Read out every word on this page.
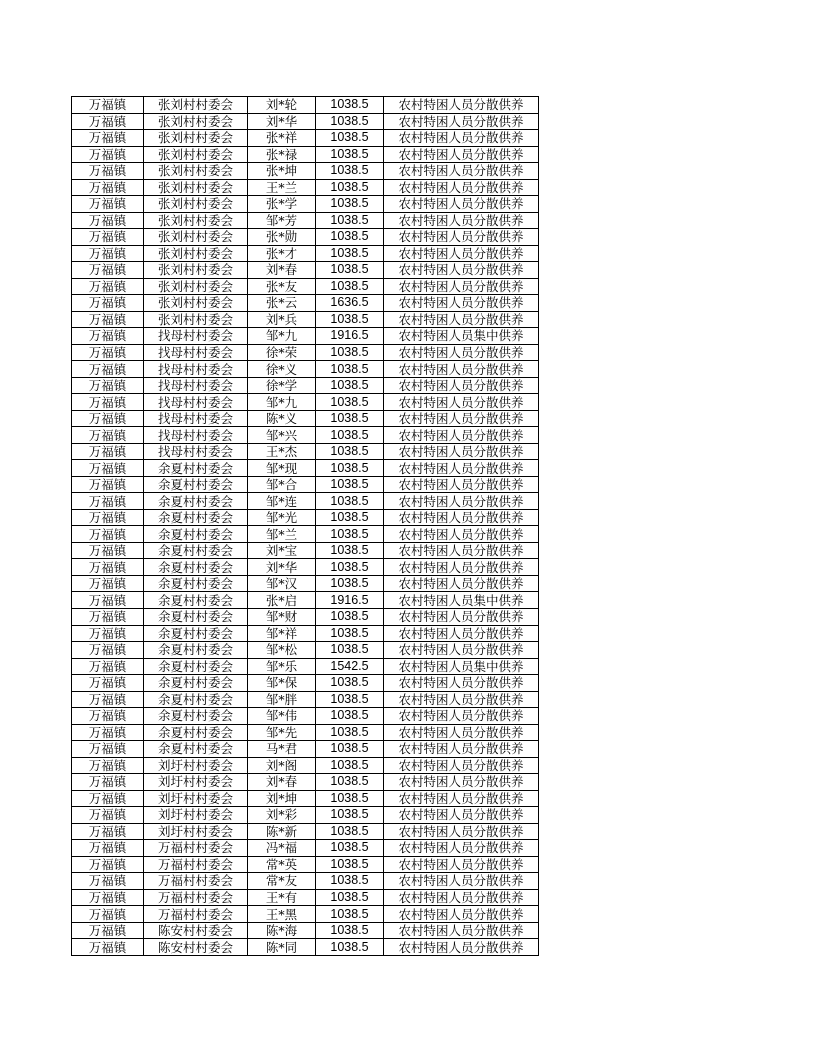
万福镇	张刘村村委会	刘*轮	1038.5	农村特困人员分散供养
万福镇	张刘村村委会	刘*华	1038.5	农村特困人员分散供养
万福镇	张刘村村委会	张*祥	1038.5	农村特困人员分散供养
万福镇	张刘村村委会	张*禄	1038.5	农村特困人员分散供养
万福镇	张刘村村委会	张*坤	1038.5	农村特困人员分散供养
万福镇	张刘村村委会	王*兰	1038.5	农村特困人员分散供养
万福镇	张刘村村委会	张*学	1038.5	农村特困人员分散供养
万福镇	张刘村村委会	邹*芳	1038.5	农村特困人员分散供养
万福镇	张刘村村委会	张*勋	1038.5	农村特困人员分散供养
万福镇	张刘村村委会	张*才	1038.5	农村特困人员分散供养
万福镇	张刘村村委会	刘*春	1038.5	农村特困人员分散供养
万福镇	张刘村村委会	张*友	1038.5	农村特困人员分散供养
万福镇	张刘村村委会	张*云	1636.5	农村特困人员分散供养
万福镇	张刘村村委会	刘*兵	1038.5	农村特困人员分散供养
万福镇	找母村村委会	邹*九	1916.5	农村特困人员集中供养
万福镇	找母村村委会	徐*荣	1038.5	农村特困人员分散供养
万福镇	找母村村委会	徐*义	1038.5	农村特困人员分散供养
万福镇	找母村村委会	徐*学	1038.5	农村特困人员分散供养
万福镇	找母村村委会	邹*九	1038.5	农村特困人员分散供养
万福镇	找母村村委会	陈*义	1038.5	农村特困人员分散供养
万福镇	找母村村委会	邹*兴	1038.5	农村特困人员分散供养
万福镇	找母村村委会	王*杰	1038.5	农村特困人员分散供养
万福镇	余夏村村委会	邹*现	1038.5	农村特困人员分散供养
万福镇	余夏村村委会	邹*合	1038.5	农村特困人员分散供养
万福镇	余夏村村委会	邹*连	1038.5	农村特困人员分散供养
万福镇	余夏村村委会	邹*光	1038.5	农村特困人员分散供养
万福镇	余夏村村委会	邹*兰	1038.5	农村特困人员分散供养
万福镇	余夏村村委会	刘*宝	1038.5	农村特困人员分散供养
万福镇	余夏村村委会	刘*华	1038.5	农村特困人员分散供养
万福镇	余夏村村委会	邹*汉	1038.5	农村特困人员分散供养
万福镇	余夏村村委会	张*启	1916.5	农村特困人员集中供养
万福镇	余夏村村委会	邹*财	1038.5	农村特困人员分散供养
万福镇	余夏村村委会	邹*祥	1038.5	农村特困人员分散供养
万福镇	余夏村村委会	邹*松	1038.5	农村特困人员分散供养
万福镇	余夏村村委会	邹*乐	1542.5	农村特困人员集中供养
万福镇	余夏村村委会	邹*保	1038.5	农村特困人员分散供养
万福镇	余夏村村委会	邹*胖	1038.5	农村特困人员分散供养
万福镇	余夏村村委会	邹*伟	1038.5	农村特困人员分散供养
万福镇	余夏村村委会	邹*先	1038.5	农村特困人员分散供养
万福镇	余夏村村委会	马*君	1038.5	农村特困人员分散供养
万福镇	刘圩村村委会	刘*阁	1038.5	农村特困人员分散供养
万福镇	刘圩村村委会	刘*春	1038.5	农村特困人员分散供养
万福镇	刘圩村村委会	刘*坤	1038.5	农村特困人员分散供养
万福镇	刘圩村村委会	刘*彩	1038.5	农村特困人员分散供养
万福镇	刘圩村村委会	陈*新	1038.5	农村特困人员分散供养
万福镇	万福村村委会	冯*福	1038.5	农村特困人员分散供养
万福镇	万福村村委会	常*英	1038.5	农村特困人员分散供养
万福镇	万福村村委会	常*友	1038.5	农村特困人员分散供养
万福镇	万福村村委会	王*有	1038.5	农村特困人员分散供养
万福镇	万福村村委会	王*黑	1038.5	农村特困人员分散供养
万福镇	陈安村村委会	陈*海	1038.5	农村特困人员分散供养
万福镇	陈安村村委会	陈*同	1038.5	农村特困人员分散供养
